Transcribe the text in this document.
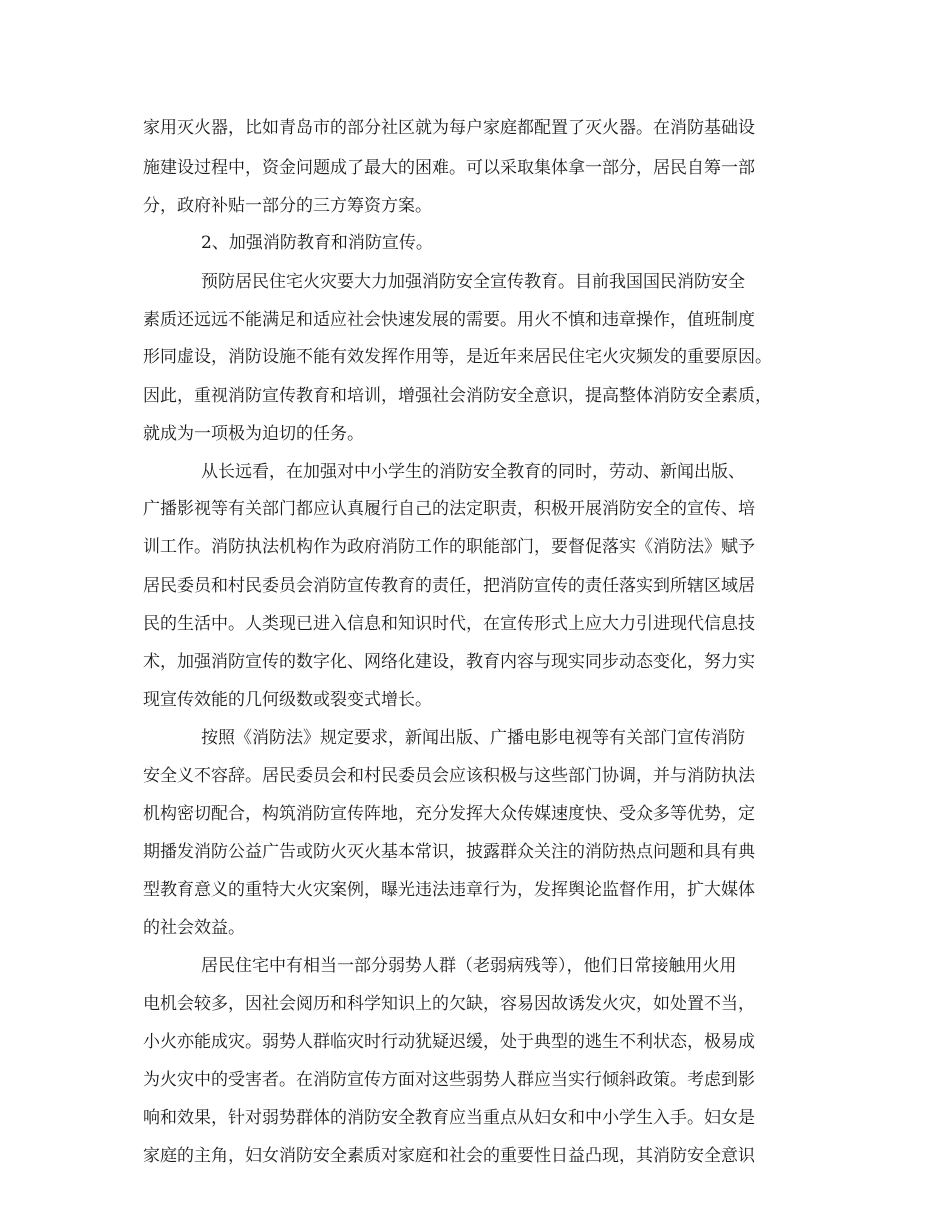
家用灭火器，比如青岛市的部分社区就为每户家庭都配置了灭火器。在消防基础设

施建设过程中，资金问题成了最大的困难。可以采取集体拿一部分，居民自筹一部

分，政府补贴一部分的三方筹资方案。

2、加强消防教育和消防宣传。

预防居民住宅火灾要大力加强消防安全宣传教育。目前我国国民消防安全

素质还远远不能满足和适应社会快速发展的需要。用火不慎和违章操作，值班制度

形同虚设，消防设施不能有效发挥作用等，是近年来居民住宅火灾频发的重要原因。

因此，重视消防宣传教育和培训，增强社会消防安全意识，提高整体消防安全素质，

就成为一项极为迫切的任务。

从长远看，在加强对中小学生的消防安全教育的同时，劳动、新闻出版、

广播影视等有关部门都应认真履行自己的法定职责，积极开展消防安全的宣传、培

训工作。消防执法机构作为政府消防工作的职能部门，要督促落实《消防法》赋予

居民委员和村民委员会消防宣传教育的责任，把消防宣传的责任落实到所辖区域居

民的生活中。人类现已进入信息和知识时代，在宣传形式上应大力引进现代信息技

术，加强消防宣传的数字化、网络化建设，教育内容与现实同步动态变化，努力实

现宣传效能的几何级数或裂变式增长。

按照《消防法》规定要求，新闻出版、广播电影电视等有关部门宣传消防

安全义不容辞。居民委员会和村民委员会应该积极与这些部门协调，并与消防执法

机构密切配合，构筑消防宣传阵地，充分发挥大众传媒速度快、受众多等优势，定

期播发消防公益广告或防火灭火基本常识，披露群众关注的消防热点问题和具有典

型教育意义的重特大火灾案例，曝光违法违章行为，发挥舆论监督作用，扩大媒体

的社会效益。

居民住宅中有相当一部分弱势人群（老弱病残等），他们日常接触用火用

电机会较多，因社会阅历和科学知识上的欠缺，容易因故诱发火灾，如处置不当，

小火亦能成灾。弱势人群临灾时行动犹疑迟缓，处于典型的逃生不利状态，极易成

为火灾中的受害者。在消防宣传方面对这些弱势人群应当实行倾斜政策。考虑到影

响和效果，针对弱势群体的消防安全教育应当重点从妇女和中小学生入手。妇女是

家庭的主角，妇女消防安全素质对家庭和社会的重要性日益凸现，其消防安全意识
